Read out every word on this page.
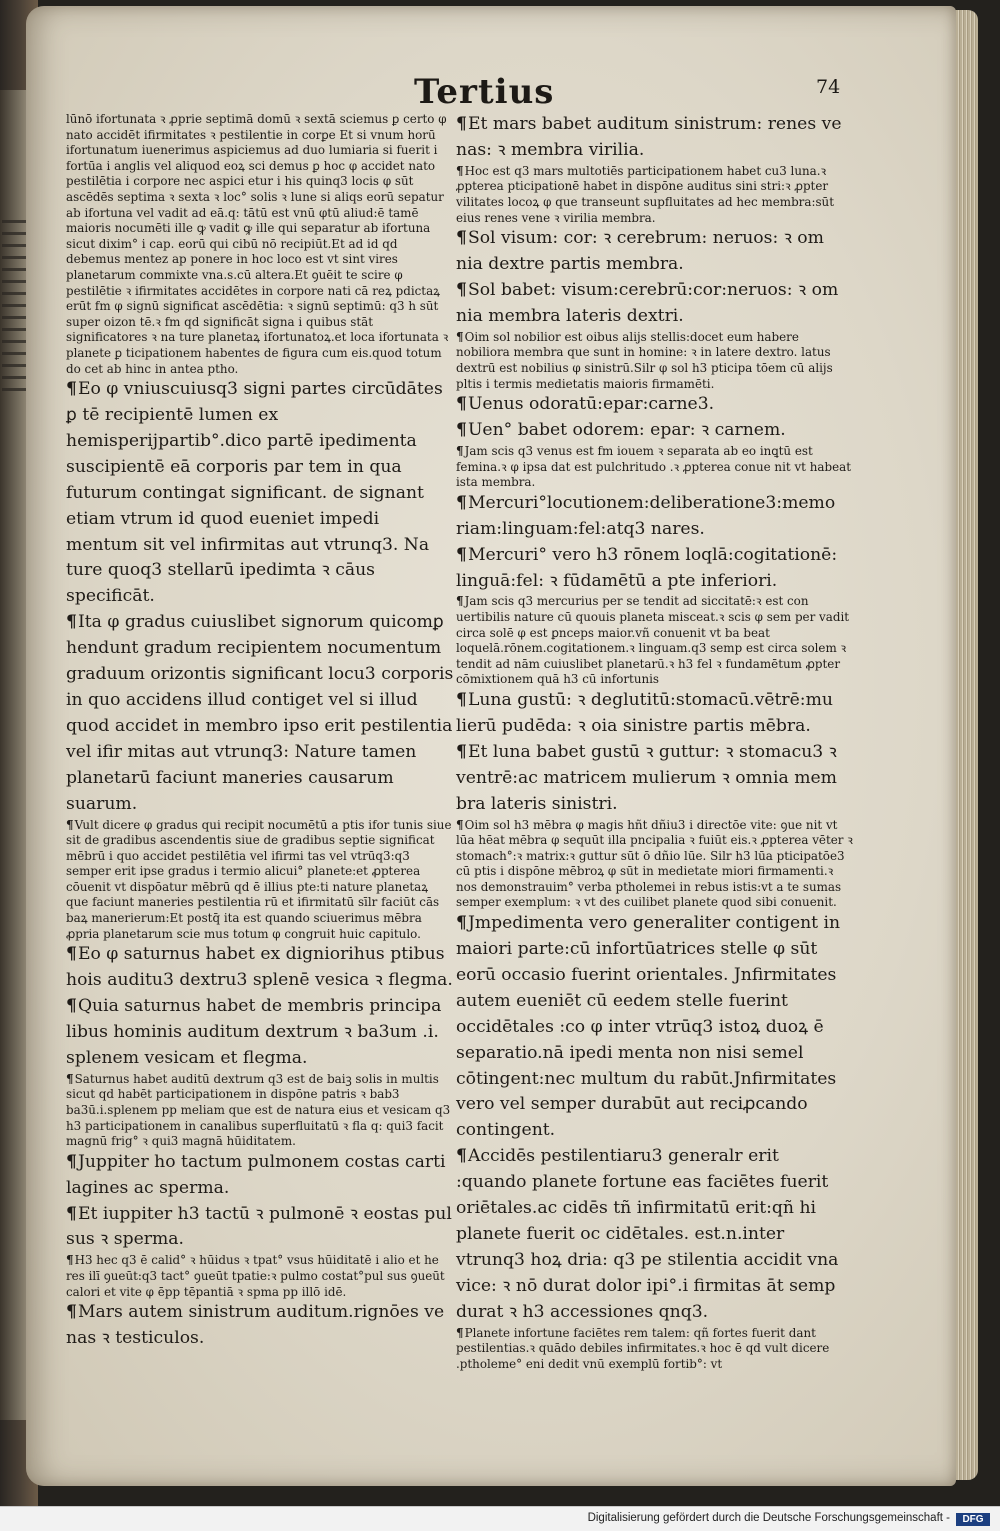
Tertius	74

lūnō ifortunata ꝛ ꝓprie septimā domū ꝛ sextā sciemus ꝑ certo φ nato accidēt ifirmitates ꝛ pestilentie in corꝑe Et si vnum horū ifortunatum iuenerimus aspiciemus ad duo lumiaria si fuerit i fortūa i anglis vel aliquod eoꝝ sci demus ꝑ hoc φ accidet nato pestilētia i corpore nec aspici etur i his quinq3 locis φ sūt ascēdēs septima ꝛ sexta ꝛ loc° solis ꝛ lune si aliqs eorū sepatur ab ifortuna vel vadit ad eā.q: tātū est vnū φtū aliud:ē tamē maioris nocumēti ille ꝙ vadit ꝙ ille qui separatur ab ifortuna sicut dixim° i cap. eorū qui cibū nō recipiūt.Et ad id qd debemus mentez ap ponere in hoc loco est vt sint vires planetarum commixte vna.s.cū altera.Et ꝯuēit te scire φ pestilētie ꝛ ifirmitates accidētes in corpore nati cā reꝝ pdictaꝝ erūt fm φ signū significat ascēdētia: ꝛ signū septimū: q3 h sūt super oizon tē.ꝛ fm qd significāt signa i quibus stāt significatores ꝛ na ture planetaꝝ ifortunatoꝝ.et loca ifortunata ꝛ planete ꝑ ticipationem habentes de figura cum eis.quod totum do cet ab hinc in antea ptho.

¶Eo φ vniuscuiusq3 signi partes circūdātes ꝑ tē recipientē lumen ex hemisperijpartib°.dico partē ipedimenta suscipientē eā corporis par tem in qua futurum contingat significant. de signant etiam vtrum id quod eueniet impedi mentum sit vel infirmitas aut vtrunq3. Na ture quoq3 stellarū ipedimta ꝛ cāus specificāt.

¶Ita φ gradus cuiuslibet signorum quicomꝑ hendunt gradum recipientem nocumentum graduum orizontis significant locu3 corporis in quo accidens illud contiget vel si illud quod accidet in membro ipso erit pestilentia vel ifir mitas aut vtrunq3: Nature tamen planetarū faciunt maneries causarum suarum.

¶Vult dicere φ gradus qui recipit nocumētū a ptis ifor tunis siue sit de gradibus ascendentis siue de gradibus septie significat mēbrū i quo accidet pestilētia vel ifirmi tas vel vtrūq3:q3 semper erit ipse gradus i termio alicui° planete:et ꝓpterea cōuenit vt dispōatur mēbrū qd ē illius pte:ti nature planetaꝝ que faciunt maneries pestilentia rū et ifirmitatū sīlr faciūt cās baꝝ manerierum:Et postq̄ ita est quando sciuerimus mēbra ꝓpria planetarum scie mus totum φ congruit huic capitulo.

¶Eo φ saturnus habet ex digniorihus ptibus hois auditu3 dextru3 splenē vesica ꝛ flegma.

¶Quia saturnus habet de membris principa libus hominis auditum dextrum ꝛ ba3um .i. splenem vesicam et flegma.

¶Saturnus habet auditū dextrum q3 est de baiꝫ solis in multis sicut qd habēt participationem in dispōne patris ꝛ bab3 ba3ū.i.splenem pp meliam que est de natura eius et vesicam q3 h3 participationem in canalibus superfluitatū ꝛ fla q: qui3 facit magnū frig° ꝛ qui3 magnā hūiditatem.

¶Juppiter ho tactum pulmonem costas carti lagines ac sperma.

¶Et iuppiter h3 tactū ꝛ pulmonē ꝛ eostas pul sus ꝛ sperma.

¶H3 hec q3 ē calid° ꝛ hūidus ꝛ tpat° vsus hūiditatē i alio et he res ilī ꝯueūt:q3 tact° ꝯueūt tpatie:ꝛ pulmo costat°pul sus ꝯueūt calori et vite φ ēpp tēpantiā ꝛ spma pp illō idē.

¶Mars autem sinistrum auditum.rignōes ve nas ꝛ testiculos.

¶Et mars babet auditum sinistrum: renes ve nas: ꝛ membra virilia.

¶Hoc est q3 mars multotiēs participationem habet cu3 luna.ꝛ ꝓpterea pticipationē habet in dispōne auditus sini stri:ꝛ ꝓpter vilitates locoꝝ φ que transeunt supfluitates ad hec membra:sūt eius renes vene ꝛ virilia membra.

¶Sol visum: cor: ꝛ cerebrum: neruos: ꝛ om nia dextre partis membra.

¶Sol babet: visum:cerebrū:cor:neruos: ꝛ om nia membra lateris dextri.

¶Oim sol nobilior est oibus alijs stellis:docet eum habere nobiliora membra que sunt in homine: ꝛ in latere dextro. latus dextrū est nobilius φ sinistrū.Silr φ sol h3 pticipa tōem cū alijs pltis i termis medietatis maioris firmamēti.

¶Uenus odoratū:epar:carne3.

¶Uen° babet odorem: epar: ꝛ carnem.

¶Jam scis q3 venus est fm iouem ꝛ separata ab eo inꝗtū est femina.ꝛ φ ipsa dat est pulchritudo .ꝛ ꝓpterea conue nit vt habeat ista membra.

¶Mercuri°locutionem:deliberatione3:memo riam:linguam:fel:atq3 nares.

¶Mercuri° vero h3 rōnem loqlā:cogitationē: linguā:fel: ꝛ fūdamētū a pte inferiori.

¶Jam scis q3 mercurius per se tendit ad siccitatē:ꝛ est con uertibilis nature cū quouis planeta misceat.ꝛ scis φ sem per vadit circa solē φ est ꝑnceps maior.vñ conuenit vt ba beat loquelā.rōnem.cogitationem.ꝛ linguam.q3 semp est circa solem ꝛ tendit ad nām cuiuslibet planetarū.ꝛ h3 fel ꝛ fundamētum ꝓpter cōmixtionem quā h3 cū infortunis

¶Luna gustū: ꝛ deglutitū:stomacū.vētrē:mu lierū pudēda: ꝛ oia sinistre partis mēbra.

¶Et luna babet gustū ꝛ guttur: ꝛ stomacu3 ꝛ ventrē:ac matricem mulierum ꝛ omnia mem bra lateris sinistri.

¶Oim sol h3 mēbra φ magis hñt dñiu3 i directōe vite: ꝯue nit vt lūa hēat mēbra φ sequūt illa pncipalia ꝛ fuiūt eis.ꝛ ꝓpterea vēter ꝛ stomach°:ꝛ matrix:ꝛ guttur sūt ō dñio lūe. Silr h3 lūa pticipatōe3 cū ptis i dispōne mēbroꝝ φ sūt in medietate miori firmamenti.ꝛ nos demonstrauim° verba ptholemei in rebus istis:vt a te sumas semper exemplum: ꝛ vt des cuilibet planete quod sibi conuenit.

¶Jmpedimenta vero generaliter contigent in maiori parte:cū infortūatrices stelle φ sūt eorū occasio fuerint orientales. Jnfirmitates autem eueniēt cū eedem stelle fuerint occidētales :co φ inter vtrūq3 istoꝝ duoꝝ ē separatio.nā ipedi menta non nisi semel cōtingent:nec multum du rabūt.Jnfirmitates vero vel semper durabūt aut reciꝓcando contingent.

¶Accidēs pestilentiaru3 generalr erit :quando planete fortune eas faciētes fuerit oriētales.ac cidēs tñ infirmitatū erit:qñ hi planete fuerit oc cidētales. est.n.inter vtrunq3 hoꝝ dria: q3 pe stilentia accidit vna vice: ꝛ nō durat dolor ipi°.i firmitas āt semp durat ꝛ h3 accessiones qnq3.

¶Planete infortune faciētes rem talem: qñ fortes fuerit dant pestilentias.ꝛ quādo debiles infirmitates.ꝛ hoc ē qd vult dicere .ptholeme° eni dedit vnū exemplū fortib°: vt

Digitalisierung gefördert durch die Deutsche Forschungsgemeinschaft -	DFG
